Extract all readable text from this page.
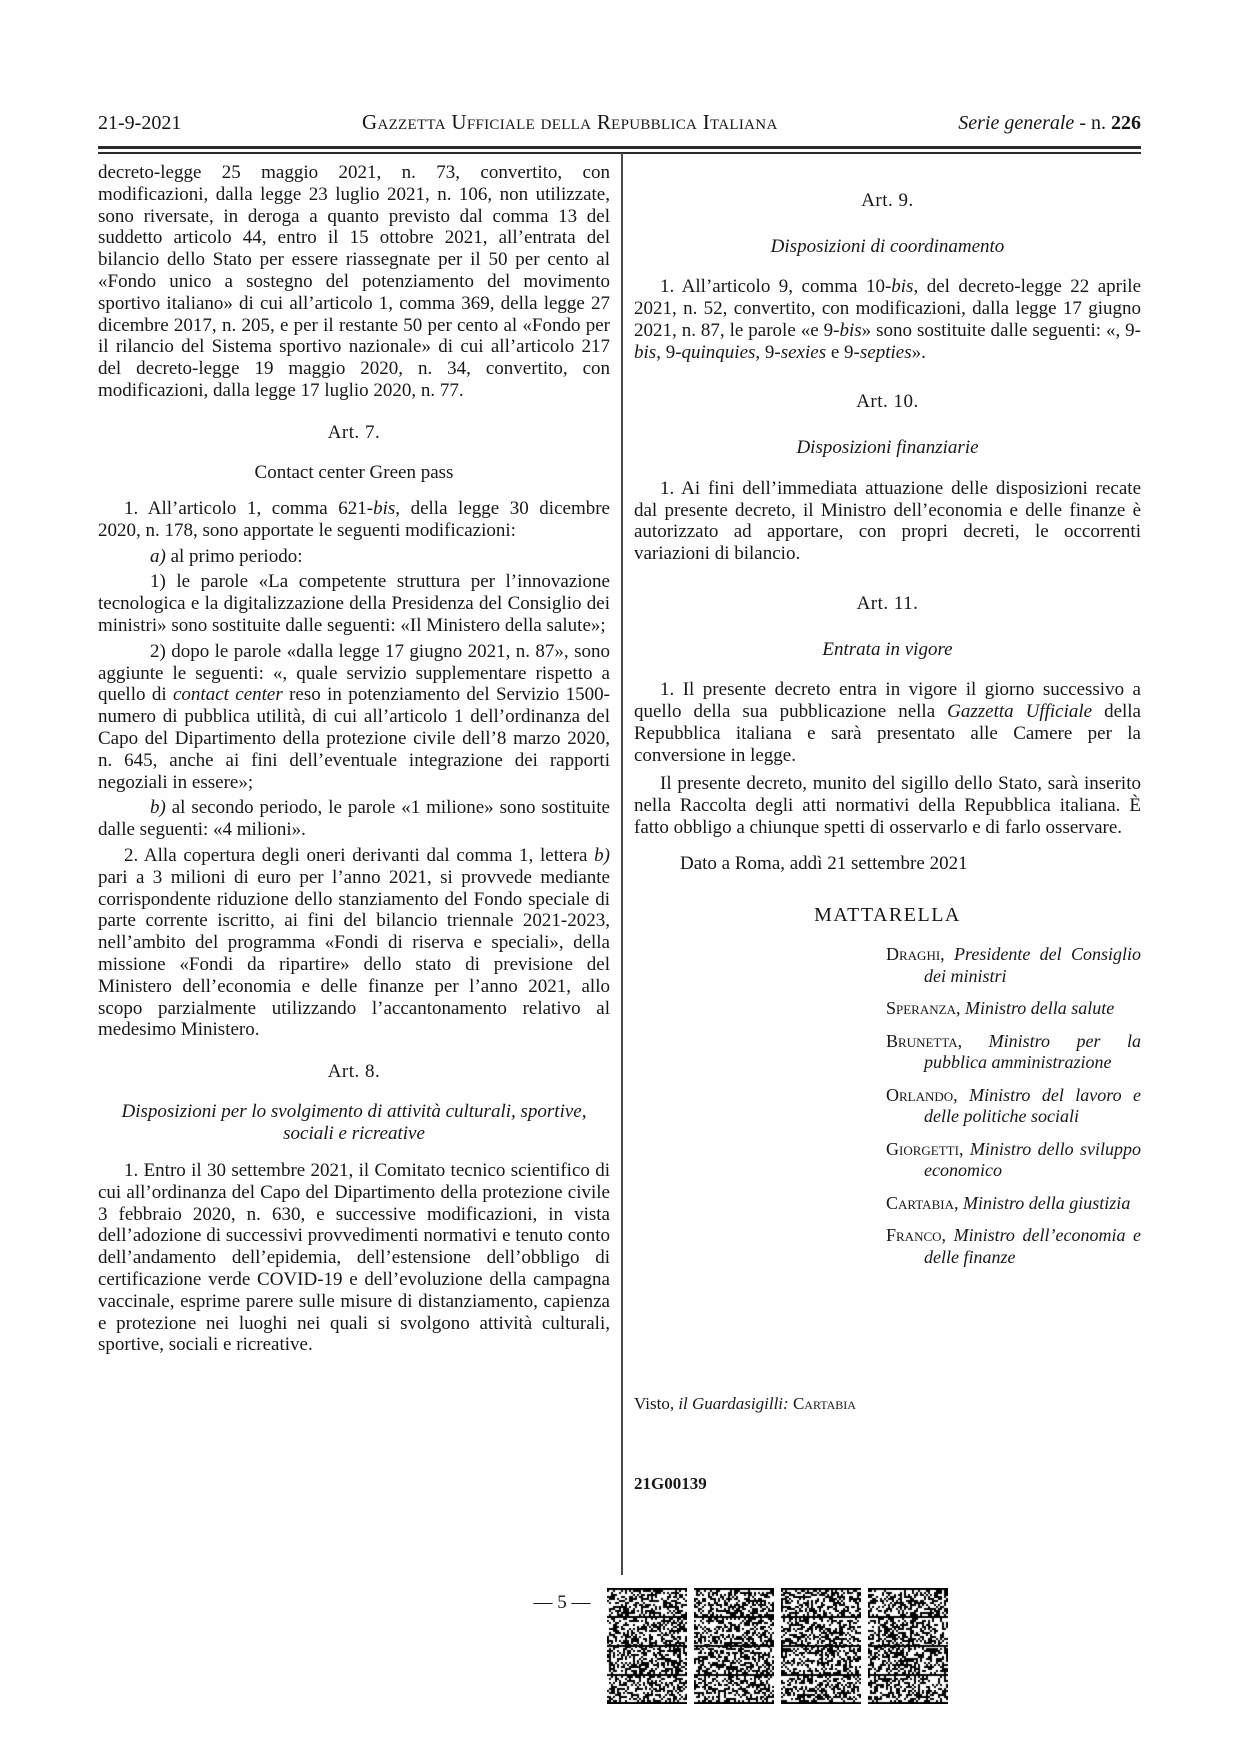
21-9-2021	Gazzetta Ufficiale della Repubblica Italiana	Serie generale - n. 226
decreto-legge 25 maggio 2021, n. 73, convertito, con modificazioni, dalla legge 23 luglio 2021, n. 106, non utilizzate, sono riversate, in deroga a quanto previsto dal comma 13 del suddetto articolo 44, entro il 15 ottobre 2021, all’entrata del bilancio dello Stato per essere riassegnate per il 50 per cento al «Fondo unico a sostegno del potenziamento del movimento sportivo italiano» di cui all’articolo 1, comma 369, della legge 27 dicembre 2017, n. 205, e per il restante 50 per cento al «Fondo per il rilancio del Sistema sportivo nazionale» di cui all’articolo 217 del decreto-legge 19 maggio 2020, n. 34, convertito, con modificazioni, dalla legge 17 luglio 2020, n. 77.
Art. 7.
Contact center Green pass
1. All’articolo 1, comma 621-bis, della legge 30 dicembre 2020, n. 178, sono apportate le seguenti modificazioni:
a) al primo periodo:
1) le parole «La competente struttura per l’innovazione tecnologica e la digitalizzazione della Presidenza del Consiglio dei ministri» sono sostituite dalle seguenti: «Il Ministero della salute»;
2) dopo le parole «dalla legge 17 giugno 2021, n. 87», sono aggiunte le seguenti: «, quale servizio supplementare rispetto a quello di contact center reso in potenziamento del Servizio 1500-numero di pubblica utilità, di cui all’articolo 1 dell’ordinanza del Capo del Dipartimento della protezione civile dell’8 marzo 2020, n. 645, anche ai fini dell’eventuale integrazione dei rapporti negoziali in essere»;
b) al secondo periodo, le parole «1 milione» sono sostituite dalle seguenti: «4 milioni».
2. Alla copertura degli oneri derivanti dal comma 1, lettera b) pari a 3 milioni di euro per l’anno 2021, si provvede mediante corrispondente riduzione dello stanziamento del Fondo speciale di parte corrente iscritto, ai fini del bilancio triennale 2021-2023, nell’ambito del programma «Fondi di riserva e speciali», della missione «Fondi da ripartire» dello stato di previsione del Ministero dell’economia e delle finanze per l’anno 2021, allo scopo parzialmente utilizzando l’accantonamento relativo al medesimo Ministero.
Art. 8.
Disposizioni per lo svolgimento di attività culturali, sportive, sociali e ricreative
1. Entro il 30 settembre 2021, il Comitato tecnico scientifico di cui all’ordinanza del Capo del Dipartimento della protezione civile 3 febbraio 2020, n. 630, e successive modificazioni, in vista dell’adozione di successivi provvedimenti normativi e tenuto conto dell’andamento dell’epidemia, dell’estensione dell’obbligo di certificazione verde COVID-19 e dell’evoluzione della campagna vaccinale, esprime parere sulle misure di distanziamento, capienza e protezione nei luoghi nei quali si svolgono attività culturali, sportive, sociali e ricreative.
Art. 9.
Disposizioni di coordinamento
1. All’articolo 9, comma 10-bis, del decreto-legge 22 aprile 2021, n. 52, convertito, con modificazioni, dalla legge 17 giugno 2021, n. 87, le parole «e 9-bis» sono sostituite dalle seguenti: «, 9-bis, 9-quinquies, 9-sexies e 9-septies».
Art. 10.
Disposizioni finanziarie
1. Ai fini dell’immediata attuazione delle disposizioni recate dal presente decreto, il Ministro dell’economia e delle finanze è autorizzato ad apportare, con propri decreti, le occorrenti variazioni di bilancio.
Art. 11.
Entrata in vigore
1. Il presente decreto entra in vigore il giorno successivo a quello della sua pubblicazione nella Gazzetta Ufficiale della Repubblica italiana e sarà presentato alle Camere per la conversione in legge.
Il presente decreto, munito del sigillo dello Stato, sarà inserito nella Raccolta degli atti normativi della Repubblica italiana. È fatto obbligo a chiunque spetti di osservarlo e di farlo osservare.
Dato a Roma, addì 21 settembre 2021
MATTARELLA
Draghi, Presidente del Consiglio dei ministri
Speranza, Ministro della salute
Brunetta, Ministro per la pubblica amministrazione
Orlando, Ministro del lavoro e delle politiche sociali
Giorgetti, Ministro dello sviluppo economico
Cartabia, Ministro della giustizia
Franco, Ministro dell’economia e delle finanze
Visto, il Guardasigilli: Cartabia
21G00139
— 5 —
